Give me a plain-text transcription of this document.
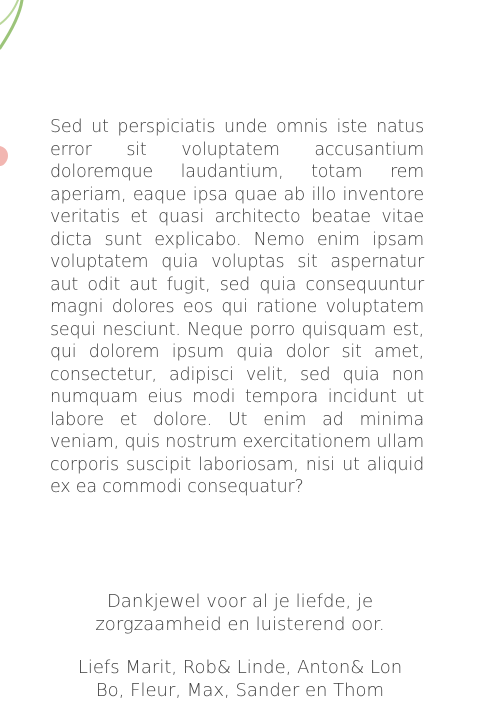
Sed ut perspiciatis unde omnis iste natus error sit voluptatem accusantium doloremque laudantium, totam rem aperiam, eaque ipsa quae ab illo inventore veritatis et quasi architecto beatae vitae dicta sunt explicabo. Nemo enim ipsam voluptatem quia voluptas sit aspernatur aut odit aut fugit, sed quia consequuntur magni dolores eos qui ratione voluptatem sequi nesciunt. Neque porro quisquam est, qui dolorem ipsum quia dolor sit amet, consectetur, adipisci velit, sed quia non numquam eius modi tempora incidunt ut labore et dolore. Ut enim ad minima veniam, quis nostrum exercitationem ullam corporis suscipit laboriosam, nisi ut aliquid ex ea commodi consequatur?

Dankjewel voor al je liefde, je
zorgzaamheid en luisterend oor.

Liefs Marit, Rob& Linde, Anton& Lon
Bo, Fleur, Max, Sander en Thom
